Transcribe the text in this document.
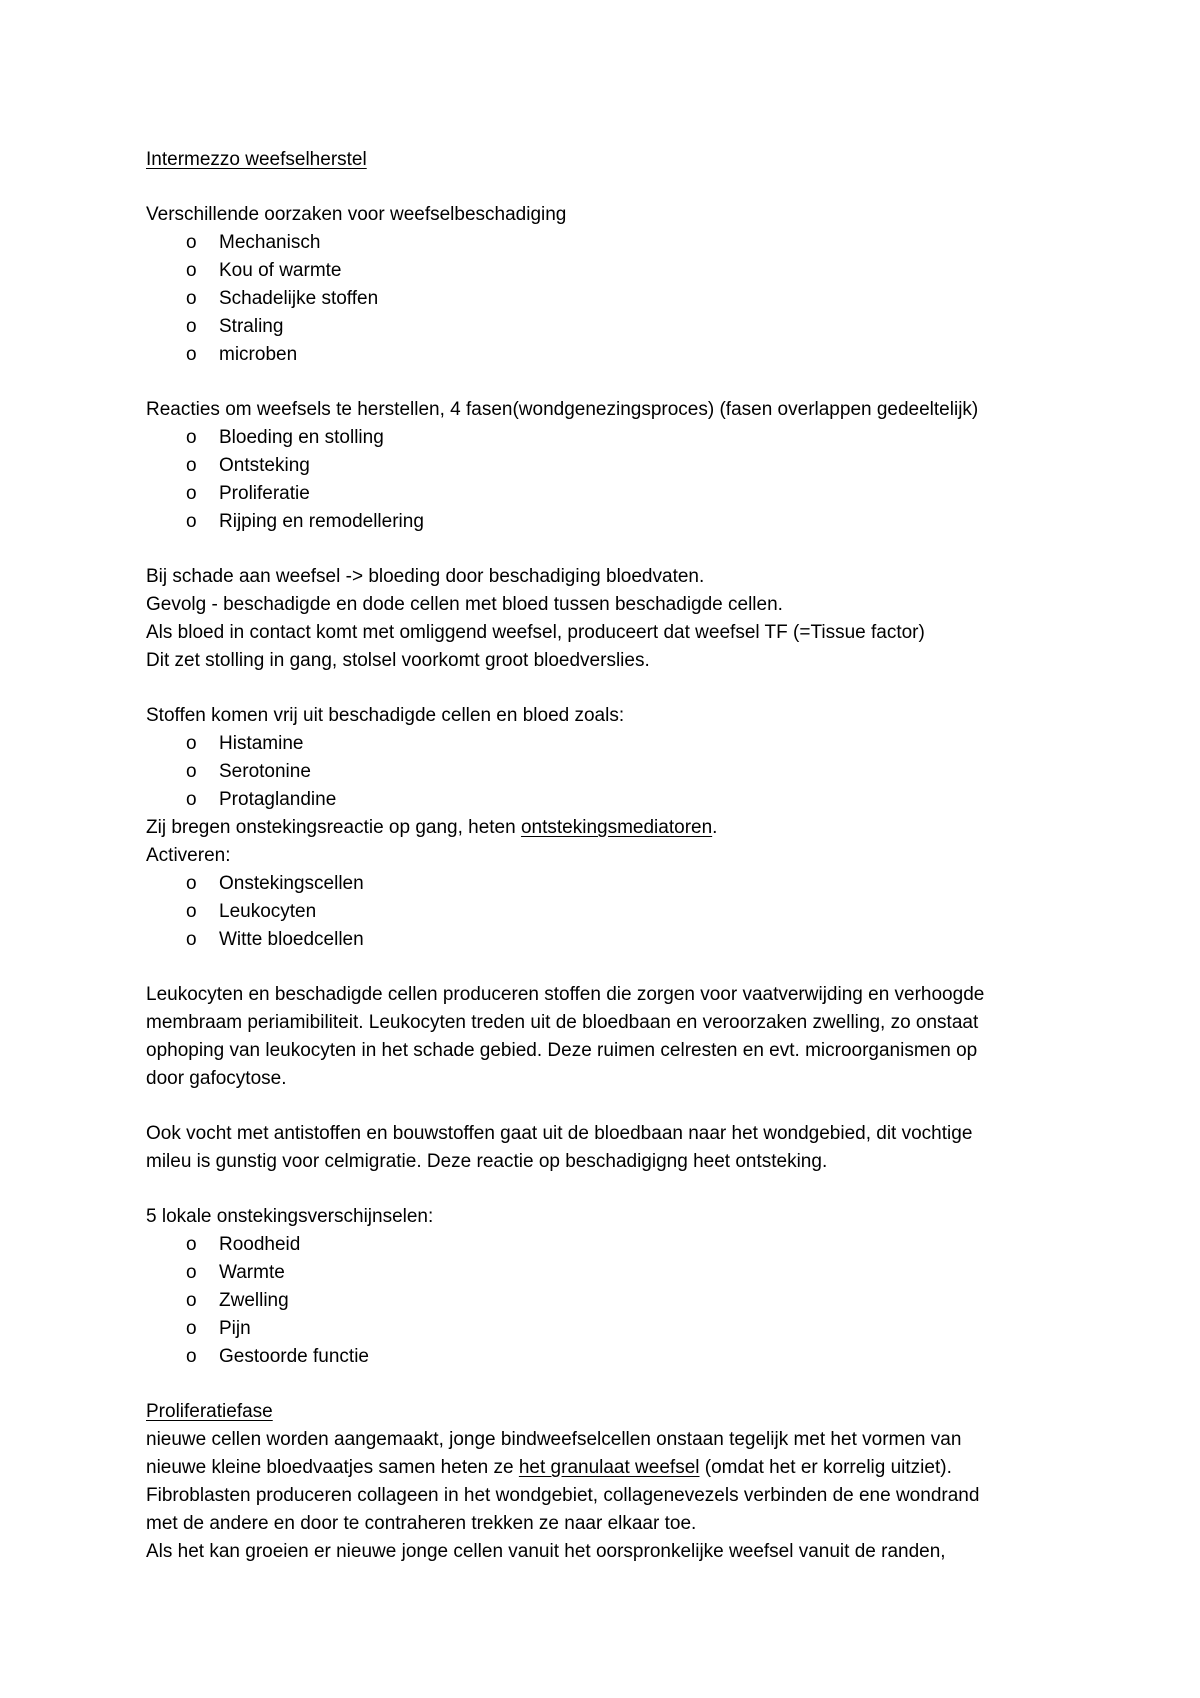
Intermezzo weefselherstel

Verschillende oorzaken voor weefselbeschadiging

o Mechanisch
o Kou of warmte
o Schadelijke stoffen
o Straling
o microben

Reacties om weefsels te herstellen, 4 fasen(wondgenezingsproces) (fasen overlappen gedeeltelijk)

o Bloeding en stolling
o Ontsteking
o Proliferatie
o Rijping en remodellering

Bij schade aan weefsel -> bloeding door beschadiging bloedvaten.

Gevolg - beschadigde en dode cellen met bloed tussen beschadigde cellen.

Als bloed in contact komt met omliggend weefsel, produceert dat weefsel TF (=Tissue factor)

Dit zet stolling in gang, stolsel voorkomt groot bloedverslies.

Stoffen komen vrij uit beschadigde cellen en bloed zoals:

o Histamine
o Serotonine
o Protaglandine

Zij bregen onstekingsreactie op gang, heten ontstekingsmediatoren.

Activeren:

o Onstekingscellen
o Leukocyten
o Witte bloedcellen

Leukocyten en beschadigde cellen produceren stoffen die zorgen voor vaatverwijding en verhoogde

membraam periamibiliteit. Leukocyten treden uit de bloedbaan en veroorzaken zwelling, zo onstaat

ophoping van leukocyten in het schade gebied. Deze ruimen celresten en evt. microorganismen op

door gafocytose.

Ook vocht met antistoffen en bouwstoffen gaat uit de bloedbaan naar het wondgebied, dit vochtige

mileu is gunstig voor celmigratie. Deze reactie op beschadigigng heet ontsteking.

5 lokale onstekingsverschijnselen:

o Roodheid
o Warmte
o Zwelling
o Pijn
o Gestoorde functie

Proliferatiefase

nieuwe cellen worden aangemaakt, jonge bindweefselcellen onstaan tegelijk met het vormen van

nieuwe kleine bloedvaatjes samen heten ze het granulaat weefsel (omdat het er korrelig uitziet).

Fibroblasten produceren collageen in het wondgebiet, collagenevezels verbinden de ene wondrand

met de andere en door te contraheren trekken ze naar elkaar toe.

Als het kan groeien er nieuwe jonge cellen vanuit het oorspronkelijke weefsel vanuit de randen,
